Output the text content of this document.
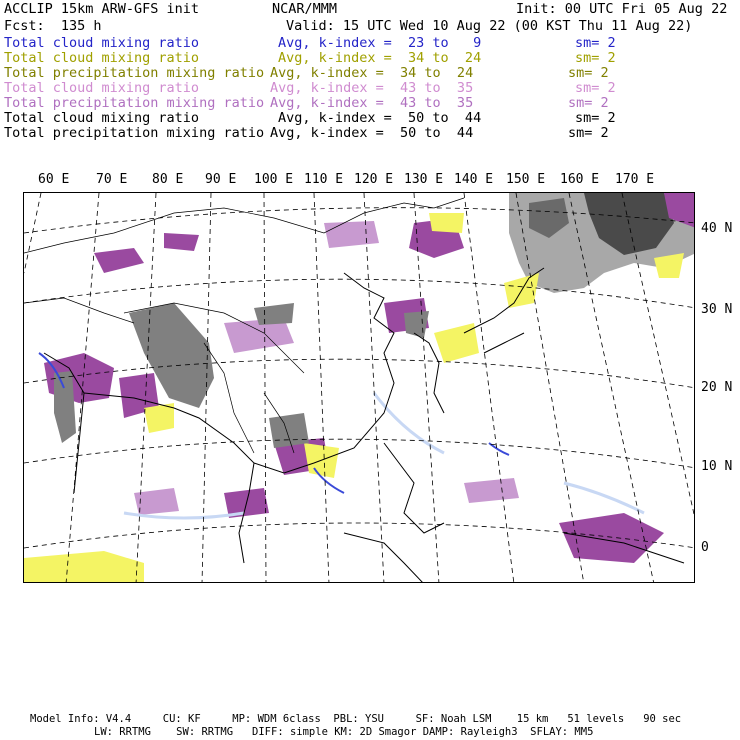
ACCLIP 15km ARW-GFS init	NCAR/MMM	Init: 00 UTC Fri 05 Aug 22
Fcst:  135 h	Valid: 15 UTC Wed 10 Aug 22 (00 KST Thu 11 Aug 22)
Total cloud mixing ratio	Avg, k-index =  23 to   9	sm= 2
Total cloud mixing ratio	Avg, k-index =  34 to  24	sm= 2
Total precipitation mixing ratio Avg, k-index =  34 to  24	sm= 2
Total cloud mixing ratio	Avg, k-index =  43 to  35	sm= 2
Total precipitation mixing ratio Avg, k-index =  43 to  35	sm= 2
Total cloud mixing ratio	Avg, k-index =  50 to  44	sm= 2
Total precipitation mixing ratio Avg, k-index =  50 to  44	sm= 2
60 E 70 E 80 E 90 E 100 E 110 E 120 E 130 E 140 E 150 E 160 E 170 E
40 N
30 N
20 N
10 N
0
Model Info: V4.4     CU: KF     MP: WDM 6class  PBL: YSU     SF: Noah LSM    15 km   51 levels   90 sec
LW: RRTMG    SW: RRTMG   DIFF: simple KM: 2D Smagor DAMP: Rayleigh3  SFLAY: MM5
